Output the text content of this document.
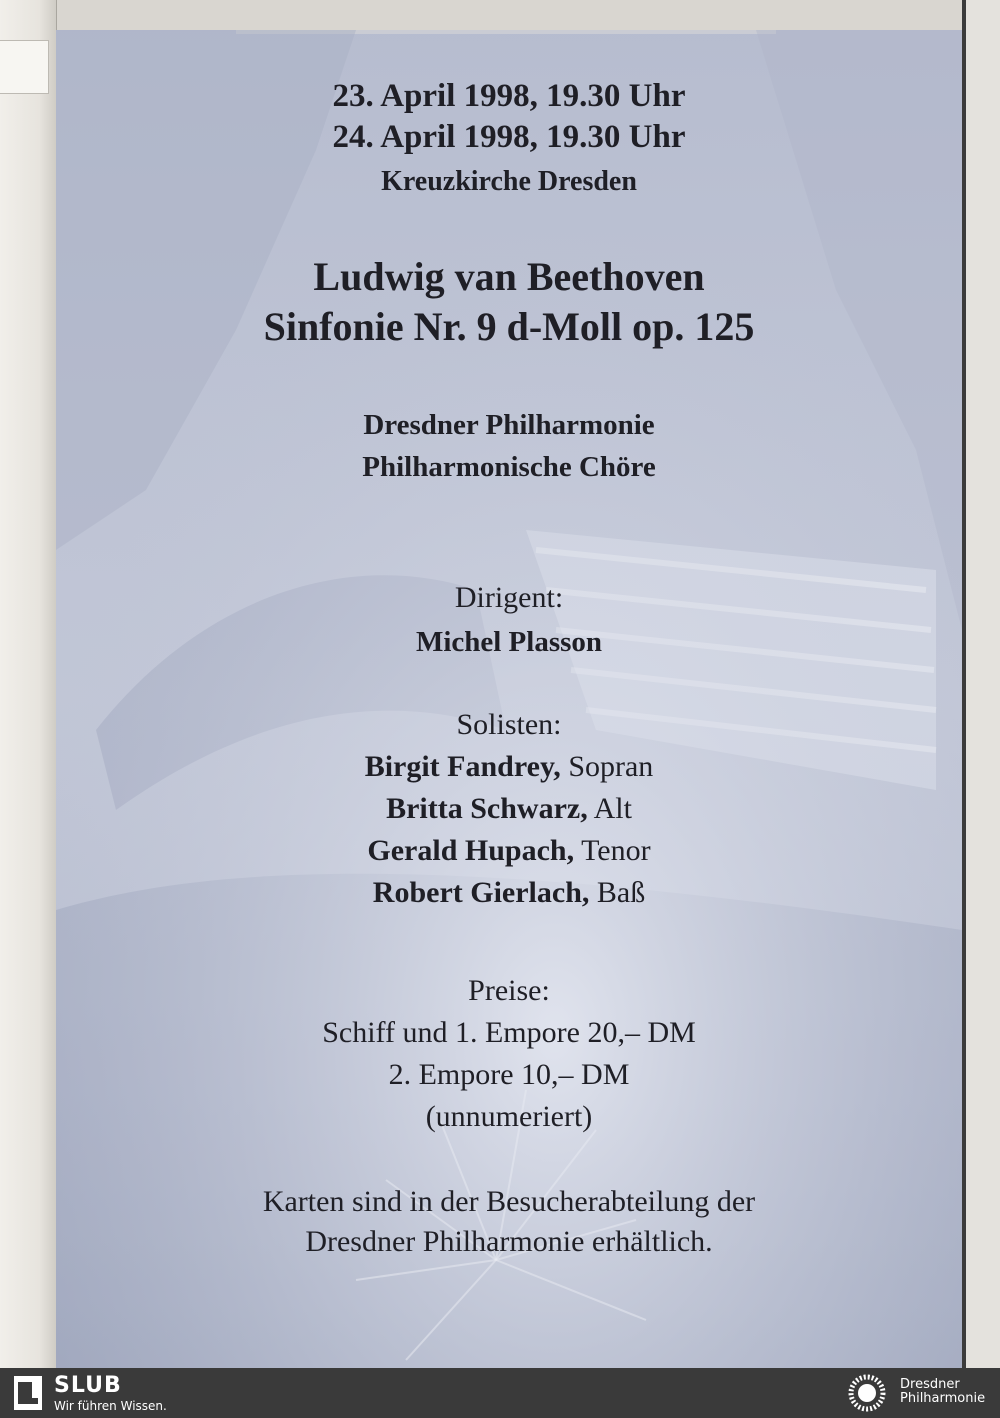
23. April 1998, 19.30 Uhr

24. April 1998, 19.30 Uhr

Kreuzkirche Dresden

Ludwig van Beethoven

Sinfonie Nr. 9 d-Moll op. 125

Dresdner Philharmonie

Philharmonische Chöre

Dirigent:

Michel Plasson

Solisten:

Birgit Fandrey, Sopran

Britta Schwarz, Alt

Gerald Hupach, Tenor

Robert Gierlach, Baß

Preise:

Schiff und 1. Empore 20,– DM

2. Empore 10,– DM

(unnumeriert)

Karten sind in der Besucherabteilung der

Dresdner Philharmonie erhältlich.

SLUB
Wir führen Wissen.
Dresdner
Philharmonie
